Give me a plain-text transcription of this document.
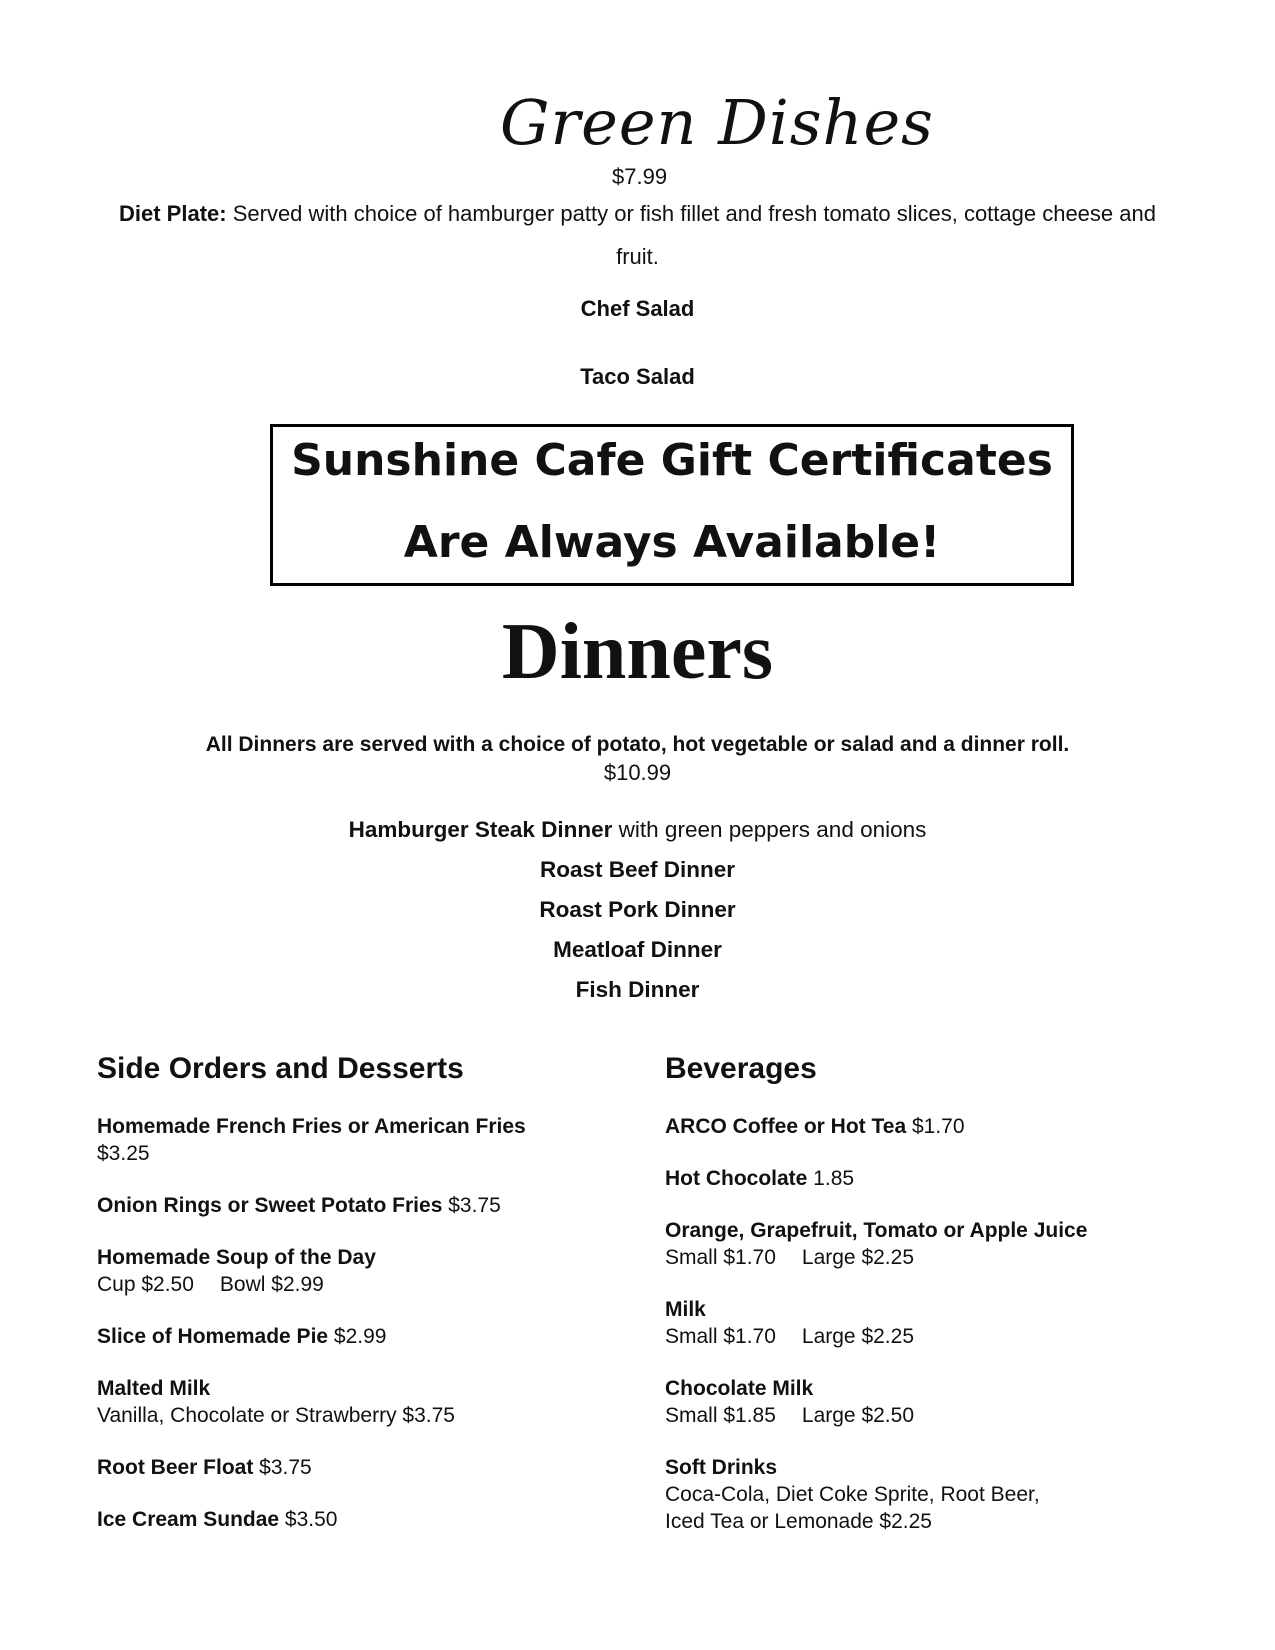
Green Dishes
$7.99
Diet Plate: Served with choice of hamburger patty or fish fillet and fresh tomato slices, cottage cheese and fruit.
Chef Salad
Taco Salad
Sunshine Cafe Gift Certificates
Are Always Available!
Dinners
All Dinners are served with a choice of potato, hot vegetable or salad and a dinner roll.
$10.99
Hamburger Steak Dinner with green peppers and onions
Roast Beef Dinner
Roast Pork Dinner
Meatloaf Dinner
Fish Dinner
Side Orders and Desserts
Homemade French Fries or American Fries
$3.25
Onion Rings or Sweet Potato Fries $3.75
Homemade Soup of the Day
Cup $2.50 Bowl $2.99
Slice of Homemade Pie $2.99
Malted Milk
Vanilla, Chocolate or Strawberry $3.75
Root Beer Float $3.75
Ice Cream Sundae $3.50
Beverages
ARCO Coffee or Hot Tea $1.70
Hot Chocolate 1.85
Orange, Grapefruit, Tomato or Apple Juice
Small $1.70 Large $2.25
Milk
Small $1.70 Large $2.25
Chocolate Milk
Small $1.85 Large $2.50
Soft Drinks
Coca-Cola, Diet Coke Sprite, Root Beer,
Iced Tea or Lemonade $2.25
